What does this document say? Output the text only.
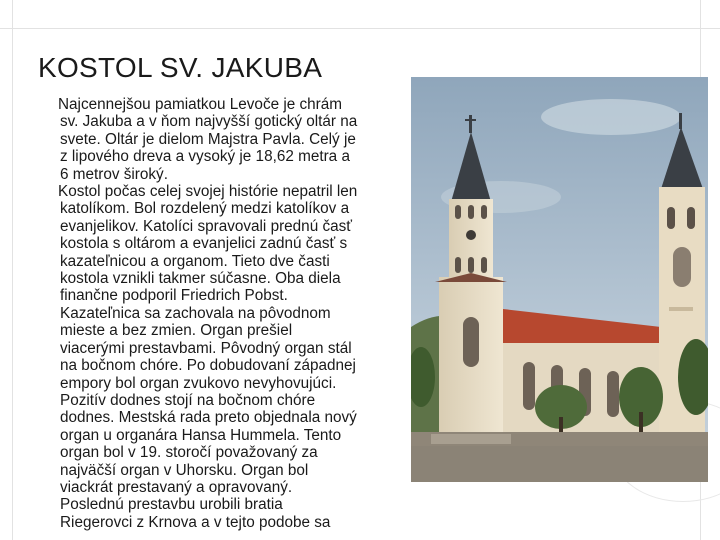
KOSTOL SV. JAKUBA

Najcennejšou pamiatkou Levoče je chrám
sv. Jakuba a v ňom najvyšší gotický oltár na
svete. Oltár je dielom Majstra Pavla. Celý je
z lipového dreva a vysoký je 18,62 metra a
6 metrov široký.

Kostol počas celej svojej histórie nepatril len
katolíkom. Bol rozdelený medzi katolíkov a
evanjelikov. Katolíci spravovali prednú časť
kostola s oltárom a evanjelici zadnú časť s
kazateľnicou a organom. Tieto dve časti
kostola vznikli takmer súčasne. Oba diela
finančne podporil Friedrich Pobst.
Kazateľnica sa zachovala na pôvodnom
mieste a bez zmien. Organ prešiel
viacerými prestavbami. Pôvodný organ stál
na bočnom chóre. Po dobudovaní západnej
empory bol organ zvukovo nevyhovujúci.
Pozitív dodnes stojí na bočnom chóre
dodnes. Mestská rada preto objednala nový
organ u organára Hansa Hummela. Tento
organ bol v 19. storočí považovaný za
najväčší organ v Uhorsku. Organ bol
viackrát prestavaný a opravovaný.
Poslednú prestavbu urobili bratia
Riegerovci z Krnova a v tejto podobe sa
